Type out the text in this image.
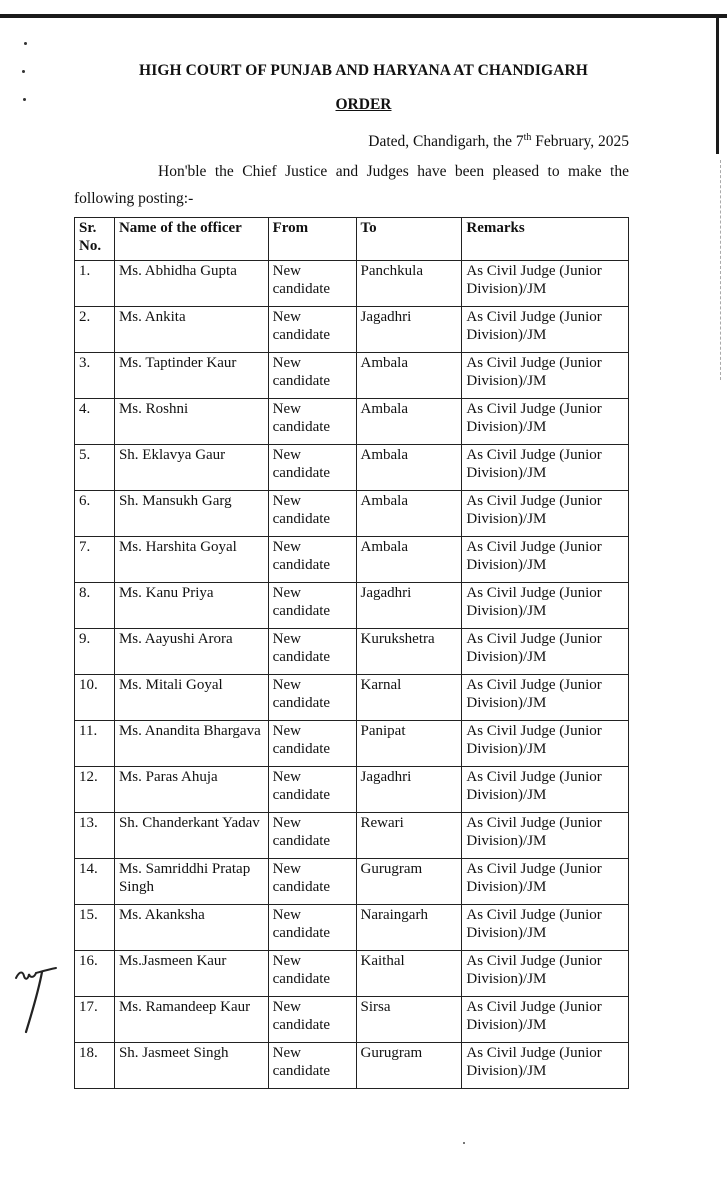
HIGH COURT OF PUNJAB AND HARYANA AT CHANDIGARH
ORDER
Dated, Chandigarh, the 7th February, 2025
Hon'ble the Chief Justice and Judges have been pleased to make the following posting:-
Sr. No.	Name of the officer	From	To	Remarks
1.	Ms. Abhidha Gupta	New candidate	Panchkula	As Civil Judge (Junior Division)/JM
2.	Ms. Ankita	New candidate	Jagadhri	As Civil Judge (Junior Division)/JM
3.	Ms. Taptinder Kaur	New candidate	Ambala	As Civil Judge (Junior Division)/JM
4.	Ms. Roshni	New candidate	Ambala	As Civil Judge (Junior Division)/JM
5.	Sh. Eklavya Gaur	New candidate	Ambala	As Civil Judge (Junior Division)/JM
6.	Sh. Mansukh Garg	New candidate	Ambala	As Civil Judge (Junior Division)/JM
7.	Ms. Harshita Goyal	New candidate	Ambala	As Civil Judge (Junior Division)/JM
8.	Ms. Kanu Priya	New candidate	Jagadhri	As Civil Judge (Junior Division)/JM
9.	Ms. Aayushi Arora	New candidate	Kurukshetra	As Civil Judge (Junior Division)/JM
10.	Ms. Mitali Goyal	New candidate	Karnal	As Civil Judge (Junior Division)/JM
11.	Ms. Anandita Bhargava	New candidate	Panipat	As Civil Judge (Junior Division)/JM
12.	Ms. Paras Ahuja	New candidate	Jagadhri	As Civil Judge (Junior Division)/JM
13.	Sh. Chanderkant Yadav	New candidate	Rewari	As Civil Judge (Junior Division)/JM
14.	Ms. Samriddhi Pratap Singh	New candidate	Gurugram	As Civil Judge (Junior Division)/JM
15.	Ms. Akanksha	New candidate	Naraingarh	As Civil Judge (Junior Division)/JM
16.	Ms.Jasmeen Kaur	New candidate	Kaithal	As Civil Judge (Junior Division)/JM
17.	Ms. Ramandeep Kaur	New candidate	Sirsa	As Civil Judge (Junior Division)/JM
18.	Sh. Jasmeet Singh	New candidate	Gurugram	As Civil Judge (Junior Division)/JM
